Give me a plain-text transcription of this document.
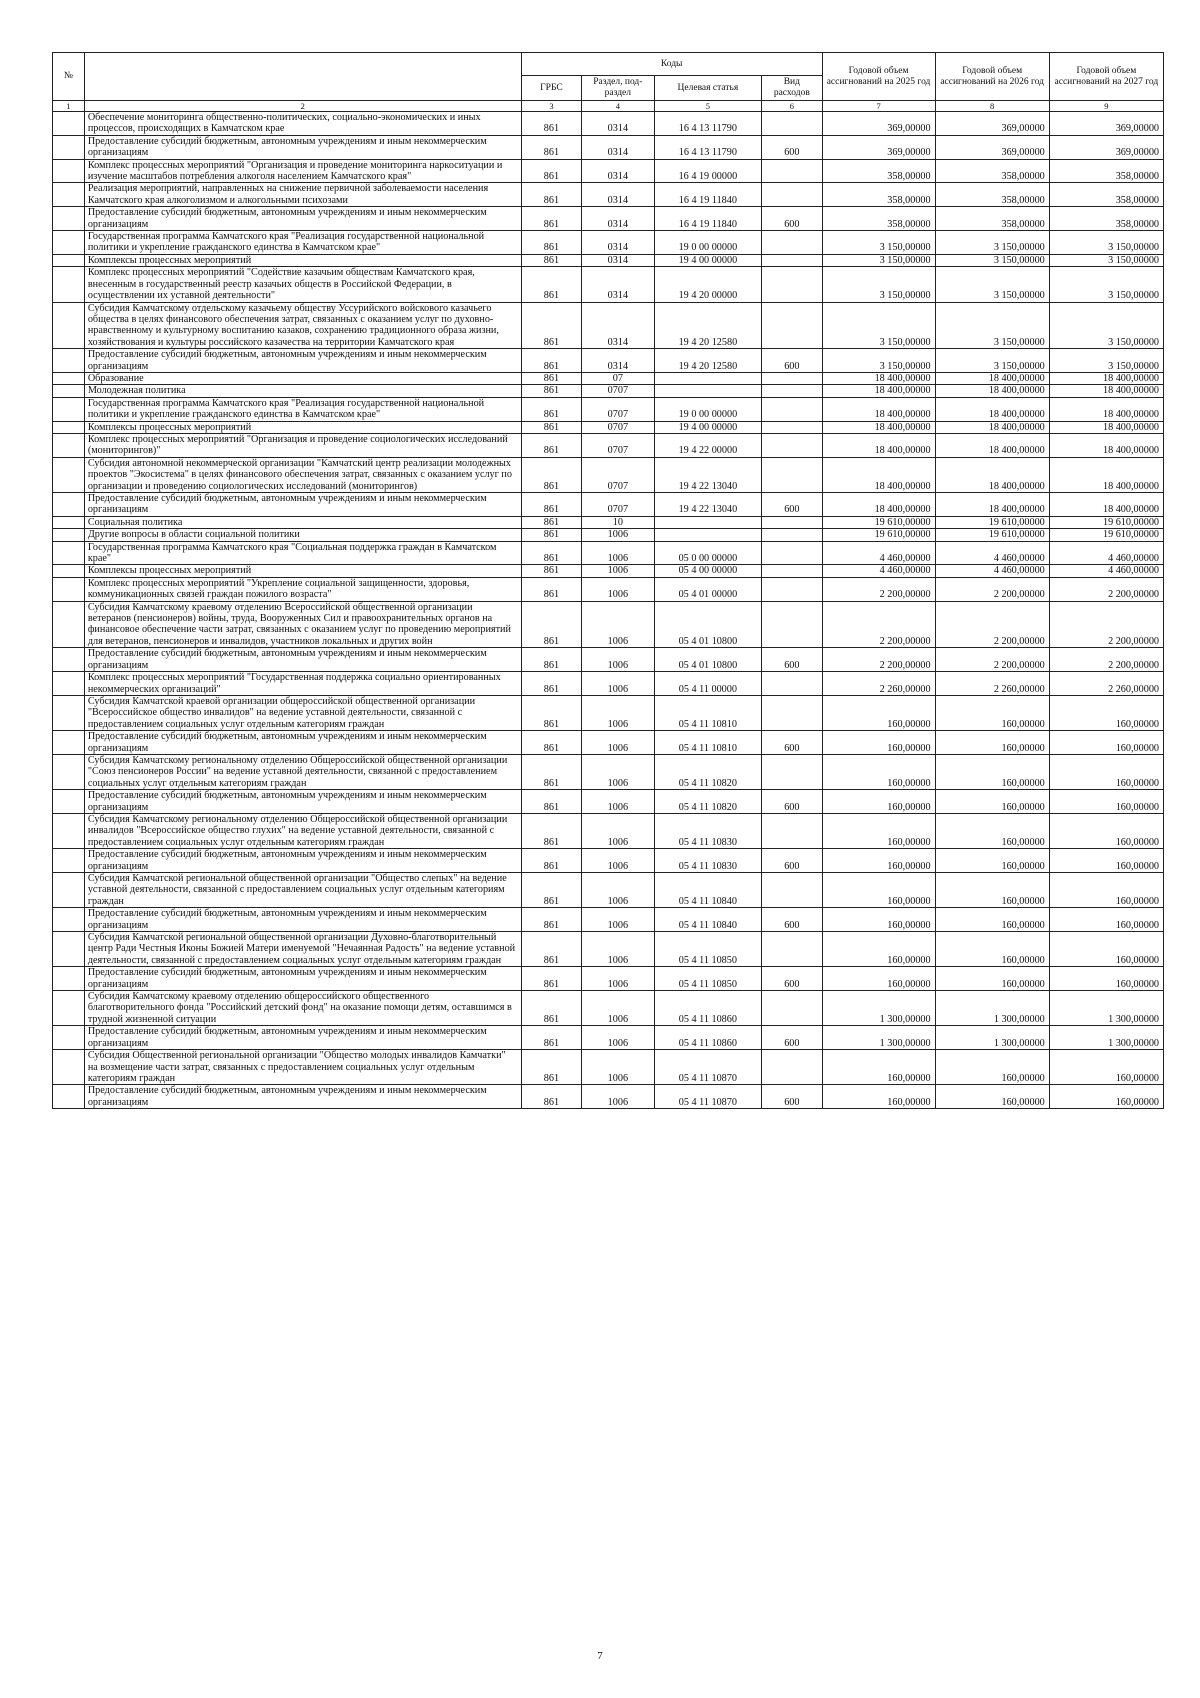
№		Коды				Годовой объем ассигнований на 2025 год	Годовой объем ассигнований на 2026 год	Годовой объем ассигнований на 2027 год
		ГРБС	Раздел, под-раздел	Целевая статья	Вид расходов			
1	2	3	4	5	6	7	8	9
	Обеспечение мониторинга общественно-политических, социально-экономических и иных процессов, происходящих в Камчатском крае	861	0314	16 4 13 11790		369,00000	369,00000	369,00000
	Предоставление субсидий бюджетным, автономным учреждениям и иным некоммерческим организациям	861	0314	16 4 13 11790	600	369,00000	369,00000	369,00000
	Комплекс процессных мероприятий "Организация и проведение мониторинга наркоситуации и изучение масштабов потребления алкоголя населением Камчатского края"	861	0314	16 4 19 00000		358,00000	358,00000	358,00000
	Реализация мероприятий, направленных на снижение первичной заболеваемости населения Камчатского края алкоголизмом и алкогольными психозами	861	0314	16 4 19 11840		358,00000	358,00000	358,00000
	Предоставление субсидий бюджетным, автономным учреждениям и иным некоммерческим организациям	861	0314	16 4 19 11840	600	358,00000	358,00000	358,00000
	Государственная программа Камчатского края "Реализация государственной национальной политики и укрепление гражданского единства в Камчатском крае"	861	0314	19 0 00 00000		3 150,00000	3 150,00000	3 150,00000
	Комплексы процессных мероприятий	861	0314	19 4 00 00000		3 150,00000	3 150,00000	3 150,00000
	Комплекс процессных мероприятий "Содействие казачьим обществам Камчатского края, внесенным в государственный реестр казачьих обществ в Российской Федерации, в осуществлении их уставной деятельности"	861	0314	19 4 20 00000		3 150,00000	3 150,00000	3 150,00000
	Субсидия Камчатскому отдельскому казачьему обществу Уссурийского войскового казачьего общества в целях финансового обеспечения затрат, связанных с оказанием услуг по духовно-нравственному и культурному воспитанию казаков, сохранению традиционного образа жизни, хозяйствования и культуры российского казачества на территории Камчатского края	861	0314	19 4 20 12580		3 150,00000	3 150,00000	3 150,00000
	Предоставление субсидий бюджетным, автономным учреждениям и иным некоммерческим организациям	861	0314	19 4 20 12580	600	3 150,00000	3 150,00000	3 150,00000
	Образование	861	07			18 400,00000	18 400,00000	18 400,00000
	Молодежная политика	861	0707			18 400,00000	18 400,00000	18 400,00000
	Государственная программа Камчатского края "Реализация государственной национальной политики и укрепление гражданского единства в Камчатском крае"	861	0707	19 0 00 00000		18 400,00000	18 400,00000	18 400,00000
	Комплексы процессных мероприятий	861	0707	19 4 00 00000		18 400,00000	18 400,00000	18 400,00000
	Комплекс процессных мероприятий "Организация и проведение социологических исследований (мониторингов)"	861	0707	19 4 22 00000		18 400,00000	18 400,00000	18 400,00000
	Субсидия автономной некоммерческой организации "Камчатский центр реализации молодежных проектов "Экосистема" в целях финансового обеспечения затрат, связанных с оказанием услуг по организации и проведению социологических исследований (мониторингов)	861	0707	19 4 22 13040		18 400,00000	18 400,00000	18 400,00000
	Предоставление субсидий бюджетным, автономным учреждениям и иным некоммерческим организациям	861	0707	19 4 22 13040	600	18 400,00000	18 400,00000	18 400,00000
	Социальная политика	861	10			19 610,00000	19 610,00000	19 610,00000
	Другие вопросы в области социальной политики	861	1006			19 610,00000	19 610,00000	19 610,00000
	Государственная программа Камчатского края "Социальная поддержка граждан в Камчатском крае"	861	1006	05 0 00 00000		4 460,00000	4 460,00000	4 460,00000
	Комплексы процессных мероприятий	861	1006	05 4 00 00000		4 460,00000	4 460,00000	4 460,00000
	Комплекс процессных мероприятий "Укрепление социальной защищенности, здоровья, коммуникационных связей граждан пожилого возраста"	861	1006	05 4 01 00000		2 200,00000	2 200,00000	2 200,00000
	Субсидия Камчатскому краевому отделению Всероссийской общественной организации ветеранов (пенсионеров) войны, труда, Вооруженных Сил и правоохранительных органов на финансовое обеспечение части затрат, связанных с оказанием услуг по проведению мероприятий для ветеранов, пенсионеров и инвалидов, участников локальных и других войн	861	1006	05 4 01 10800		2 200,00000	2 200,00000	2 200,00000
	Предоставление субсидий бюджетным, автономным учреждениям и иным некоммерческим организациям	861	1006	05 4 01 10800	600	2 200,00000	2 200,00000	2 200,00000
	Комплекс процессных мероприятий "Государственная поддержка социально ориентированных некоммерческих организаций"	861	1006	05 4 11 00000		2 260,00000	2 260,00000	2 260,00000
	Субсидия Камчатской краевой организации общероссийской общественной организации "Всероссийское общество инвалидов" на ведение уставной деятельности, связанной с предоставлением социальных услуг отдельным категориям граждан	861	1006	05 4 11 10810		160,00000	160,00000	160,00000
	Предоставление субсидий бюджетным, автономным учреждениям и иным некоммерческим организациям	861	1006	05 4 11 10810	600	160,00000	160,00000	160,00000
	Субсидия Камчатскому региональному отделению Общероссийской общественной организации "Союз пенсионеров России" на ведение уставной деятельности, связанной с предоставлением социальных услуг отдельным категориям граждан	861	1006	05 4 11 10820		160,00000	160,00000	160,00000
	Предоставление субсидий бюджетным, автономным учреждениям и иным некоммерческим организациям	861	1006	05 4 11 10820	600	160,00000	160,00000	160,00000
	Субсидия Камчатскому региональному отделению Общероссийской общественной организации инвалидов "Всероссийское общество глухих" на ведение уставной деятельности, связанной с предоставлением социальных услуг отдельным категориям граждан	861	1006	05 4 11 10830		160,00000	160,00000	160,00000
	Предоставление субсидий бюджетным, автономным учреждениям и иным некоммерческим организациям	861	1006	05 4 11 10830	600	160,00000	160,00000	160,00000
	Субсидия Камчатской региональной общественной организации "Общество слепых" на ведение уставной деятельности, связанной с предоставлением социальных услуг отдельным категориям граждан	861	1006	05 4 11 10840		160,00000	160,00000	160,00000
	Предоставление субсидий бюджетным, автономным учреждениям и иным некоммерческим организациям	861	1006	05 4 11 10840	600	160,00000	160,00000	160,00000
	Субсидия Камчатской региональной общественной организации Духовно-благотворительный центр Ради Честныя Иконы Божией Матери именуемой "Нечаянная Радость" на ведение уставной деятельности, связанной с предоставлением социальных услуг отдельным категориям граждан	861	1006	05 4 11 10850		160,00000	160,00000	160,00000
	Предоставление субсидий бюджетным, автономным учреждениям и иным некоммерческим организациям	861	1006	05 4 11 10850	600	160,00000	160,00000	160,00000
	Субсидия Камчатскому краевому отделению общероссийского общественного благотворительного фонда "Российский детский фонд" на оказание помощи детям, оставшимся в трудной жизненной ситуации	861	1006	05 4 11 10860		1 300,00000	1 300,00000	1 300,00000
	Предоставление субсидий бюджетным, автономным учреждениям и иным некоммерческим организациям	861	1006	05 4 11 10860	600	1 300,00000	1 300,00000	1 300,00000
	Субсидия Общественной региональной организации "Общество молодых инвалидов Камчатки" на возмещение части затрат, связанных с предоставлением социальных услуг отдельным категориям граждан	861	1006	05 4 11 10870		160,00000	160,00000	160,00000
	Предоставление субсидий бюджетным, автономным учреждениям и иным некоммерческим организациям	861	1006	05 4 11 10870	600	160,00000	160,00000	160,00000
7
